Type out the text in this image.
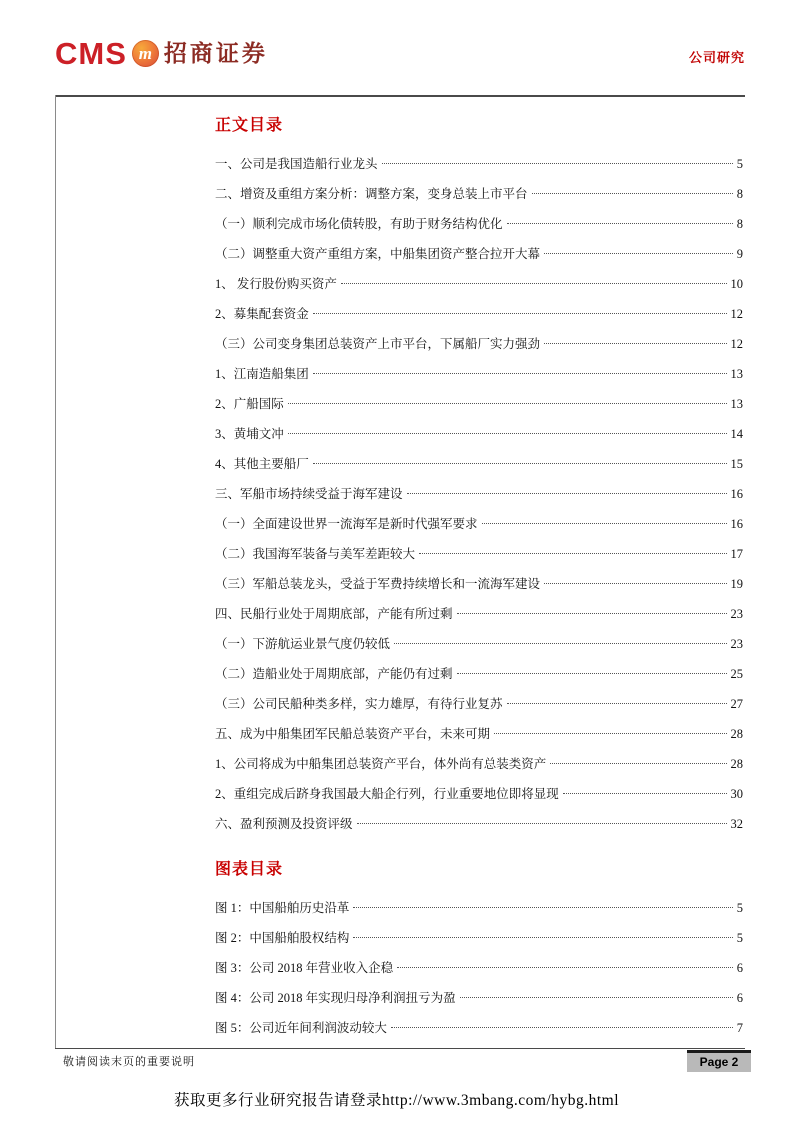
CMS m 招商证券	公司研究
正文目录
一、公司是我国造船行业龙头	5
二、增资及重组方案分析：调整方案，变身总装上市平台	8
（一）顺利完成市场化债转股，有助于财务结构优化	8
（二）调整重大资产重组方案，中船集团资产整合拉开大幕	9
1、 发行股份购买资产	10
2、募集配套资金	12
（三）公司变身集团总装资产上市平台，下属船厂实力强劲	12
1、江南造船集团	13
2、广船国际	13
3、黄埔文冲	14
4、其他主要船厂	15
三、军船市场持续受益于海军建设	16
（一）全面建设世界一流海军是新时代强军要求	16
（二）我国海军装备与美军差距较大	17
（三）军船总装龙头，受益于军费持续增长和一流海军建设	19
四、民船行业处于周期底部，产能有所过剩	23
（一）下游航运业景气度仍较低	23
（二）造船业处于周期底部，产能仍有过剩	25
（三）公司民船种类多样，实力雄厚，有待行业复苏	27
五、成为中船集团军民船总装资产平台，未来可期	28
1、公司将成为中船集团总装资产平台，体外尚有总装类资产	28
2、重组完成后跻身我国最大船企行列，行业重要地位即将显现	30
六、盈利预测及投资评级	32
图表目录
图 1：中国船舶历史沿革	5
图 2：中国船舶股权结构	5
图 3：公司 2018 年营业收入企稳	6
图 4：公司 2018 年实现归母净利润扭亏为盈	6
图 5：公司近年间利润波动较大	7
敬请阅读末页的重要说明	Page 2
获取更多行业研究报告请登录http://www.3mbang.com/hybg.html
